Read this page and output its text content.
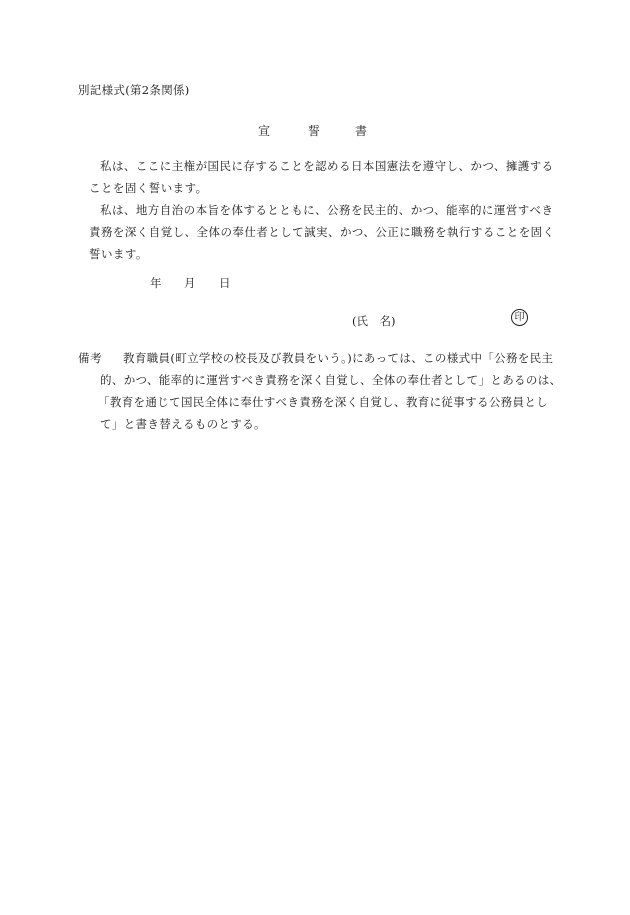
別記様式(第2条関係)
宣	誓	書
私は、ここに主権が国民に存することを認める日本国憲法を遵守し、かつ、擁護する
ことを固く誓います。
私は、地方自治の本旨を体するとともに、公務を民主的、かつ、能率的に運営すべき
責務を深く自覚し、全体の奉仕者として誠実、かつ、公正に職務を執行することを固く
誓います。
年 月 日
(氏　名)	印
備考 教育職員(町立学校の校長及び教員をいう。)にあっては、この様式中「公務を民主
的、かつ、能率的に運営すべき責務を深く自覚し、全体の奉仕者として」とあるのは、
「教育を通じて国民全体に奉仕すべき責務を深く自覚し、教育に従事する公務員とし
て」と書き替えるものとする。
